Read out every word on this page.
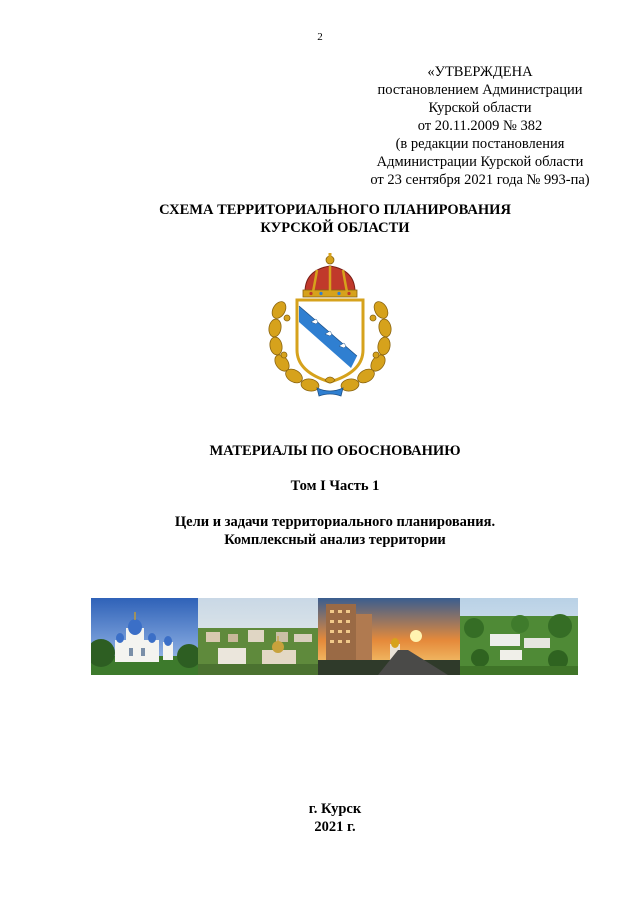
2
«УТВЕРЖДЕНА
постановлением Администрации
Курской области
от 20.11.2009 № 382
(в редакции постановления
Администрации Курской области
от 23 сентября 2021 года № 993-па)
СХЕМА ТЕРРИТОРИАЛЬНОГО ПЛАНИРОВАНИЯ
КУРСКОЙ ОБЛАСТИ
МАТЕРИАЛЫ ПО ОБОСНОВАНИЮ
Том I Часть 1
Цели и задачи территориального планирования.
Комплексный анализ территории
г. Курск
2021 г.
